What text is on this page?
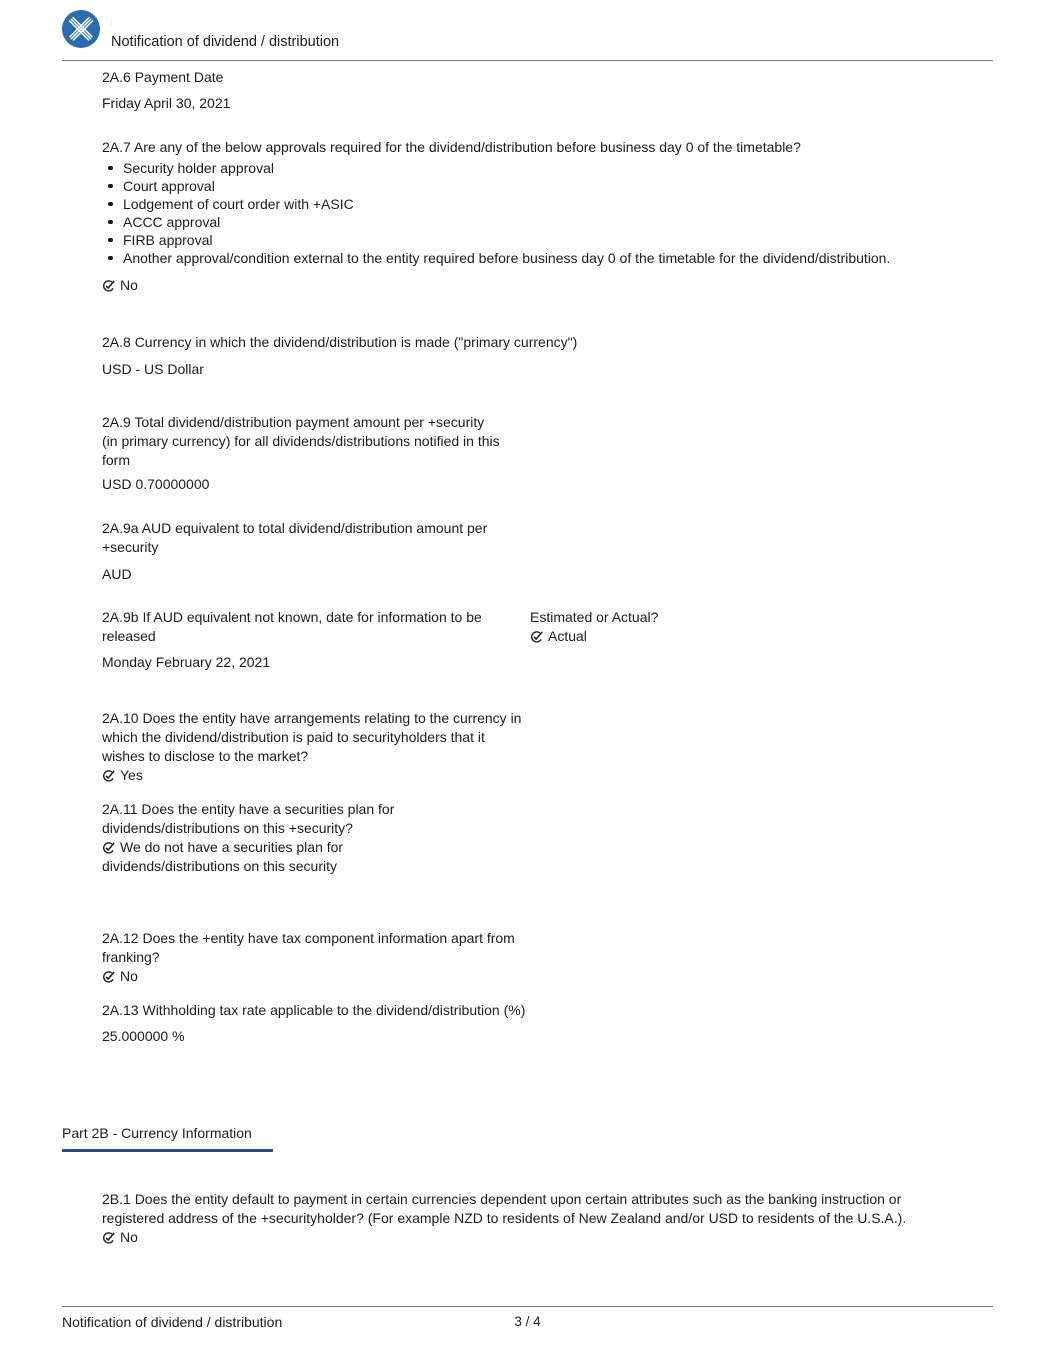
Notification of dividend / distribution
2A.6 Payment Date
Friday April 30, 2021
2A.7 Are any of the below approvals required for the dividend/distribution before business day 0 of the timetable?
Security holder approval
Court approval
Lodgement of court order with +ASIC
ACCC approval
FIRB approval
Another approval/condition external to the entity required before business day 0 of the timetable for the dividend/distribution.
No
2A.8 Currency in which the dividend/distribution is made ("primary currency")
USD - US Dollar
2A.9 Total dividend/distribution payment amount per +security (in primary currency) for all dividends/distributions notified in this form
USD 0.70000000
2A.9a AUD equivalent to total dividend/distribution amount per +security
AUD
2A.9b If AUD equivalent not known, date for information to be released
Estimated or Actual?
Actual
Monday February 22, 2021
2A.10 Does the entity have arrangements relating to the currency in which the dividend/distribution is paid to securityholders that it wishes to disclose to the market?
Yes
2A.11 Does the entity have a securities plan for dividends/distributions on this +security?
We do not have a securities plan for dividends/distributions on this security
2A.12 Does the +entity have tax component information apart from franking?
No
2A.13 Withholding tax rate applicable to the dividend/distribution (%)
25.000000 %
Part 2B - Currency Information
2B.1 Does the entity default to payment in certain currencies dependent upon certain attributes such as the banking instruction or registered address of the +securityholder? (For example NZD to residents of New Zealand and/or USD to residents of the U.S.A.).
No
Notification of dividend / distribution	3 / 4
